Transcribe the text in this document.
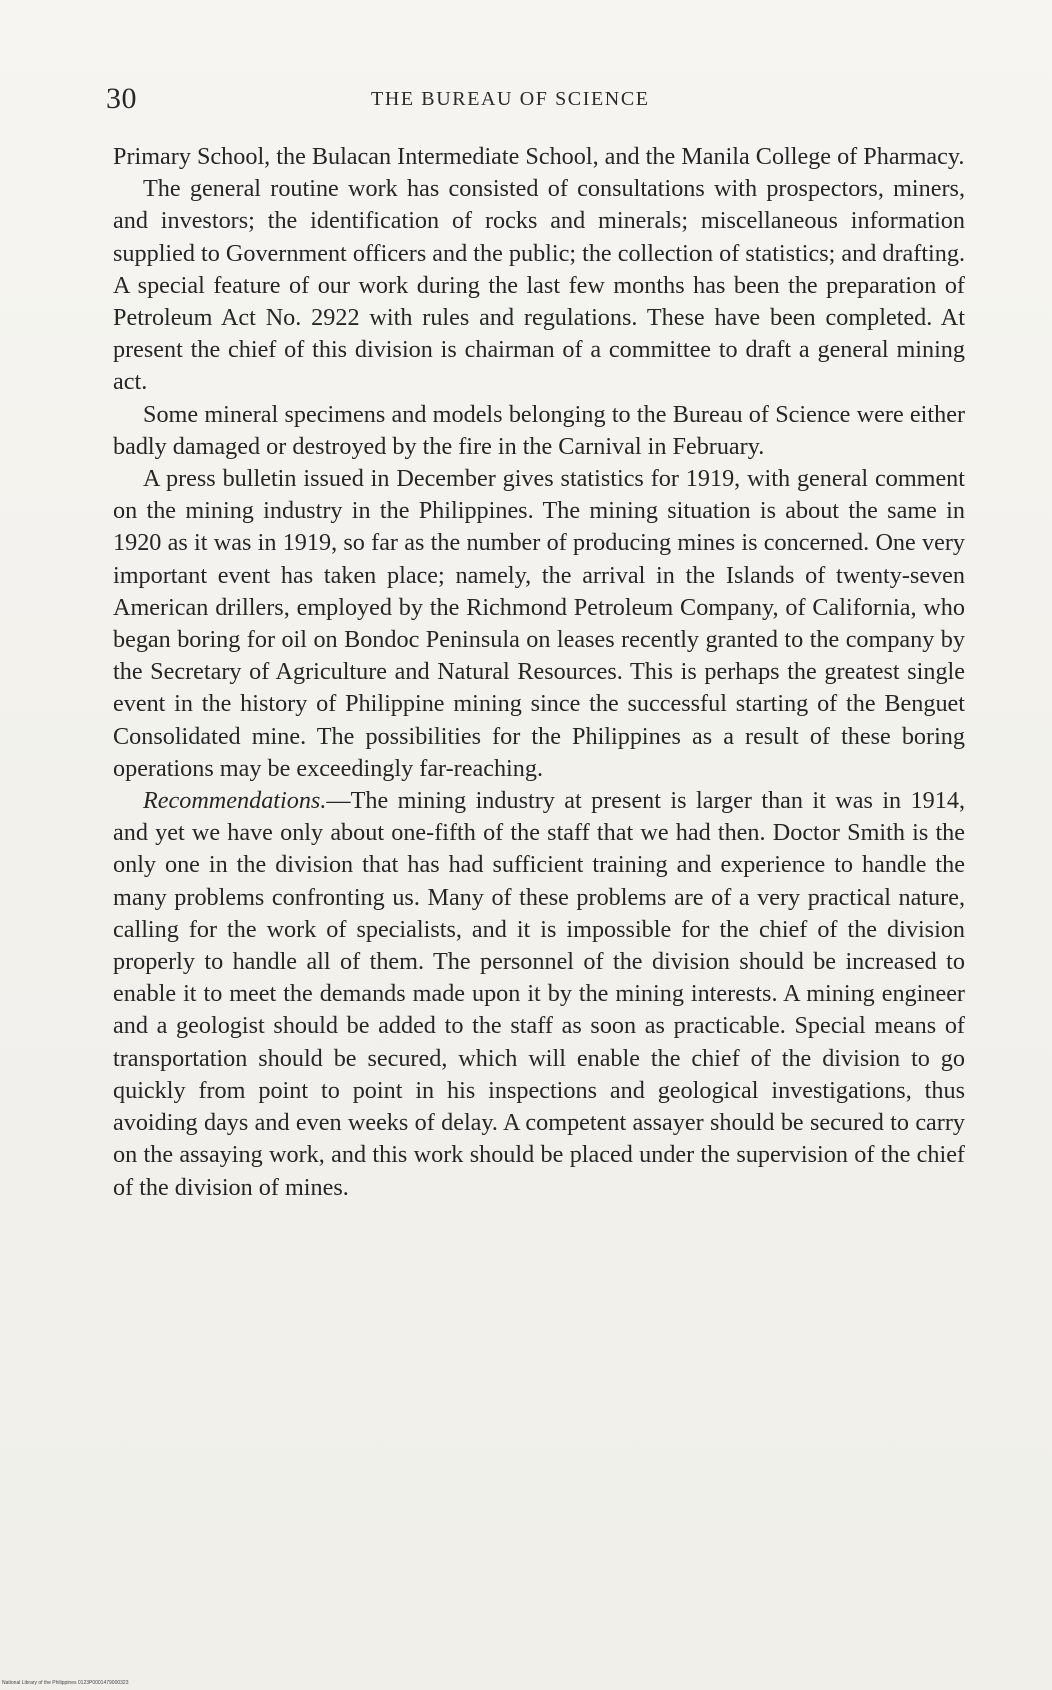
30	THE BUREAU OF SCIENCE

Primary School, the Bulacan Intermediate School, and the Manila College of Pharmacy.

The general routine work has consisted of consultations with prospectors, miners, and investors; the identification of rocks and minerals; miscellaneous information supplied to Government officers and the public; the collection of statistics; and drafting. A special feature of our work during the last few months has been the preparation of Petroleum Act No. 2922 with rules and regulations. These have been completed. At present the chief of this division is chairman of a committee to draft a general mining act.

Some mineral specimens and models belonging to the Bureau of Science were either badly damaged or destroyed by the fire in the Carnival in February.

A press bulletin issued in December gives statistics for 1919, with general comment on the mining industry in the Philippines. The mining situation is about the same in 1920 as it was in 1919, so far as the number of producing mines is concerned. One very important event has taken place; namely, the arrival in the Islands of twenty-seven American drillers, employed by the Richmond Petroleum Company, of California, who began boring for oil on Bondoc Peninsula on leases recently granted to the company by the Secretary of Agriculture and Natural Resources. This is perhaps the greatest single event in the history of Philippine mining since the successful starting of the Benguet Consolidated mine. The possibilities for the Philippines as a result of these boring operations may be exceedingly far-reaching.

Recommendations.—The mining industry at present is larger than it was in 1914, and yet we have only about one-fifth of the staff that we had then. Doctor Smith is the only one in the division that has had sufficient training and experience to handle the many problems confronting us. Many of these problems are of a very practical nature, calling for the work of specialists, and it is impossible for the chief of the division properly to handle all of them. The personnel of the division should be increased to enable it to meet the demands made upon it by the mining interests. A mining engineer and a geologist should be added to the staff as soon as practicable. Special means of transportation should be secured, which will enable the chief of the division to go quickly from point to point in his inspections and geological investigations, thus avoiding days and even weeks of delay. A competent assayer should be secured to carry on the assaying work, and this work should be placed under the supervision of the chief of the division of mines.

National Library of the Philippines 0123P0001479000323
